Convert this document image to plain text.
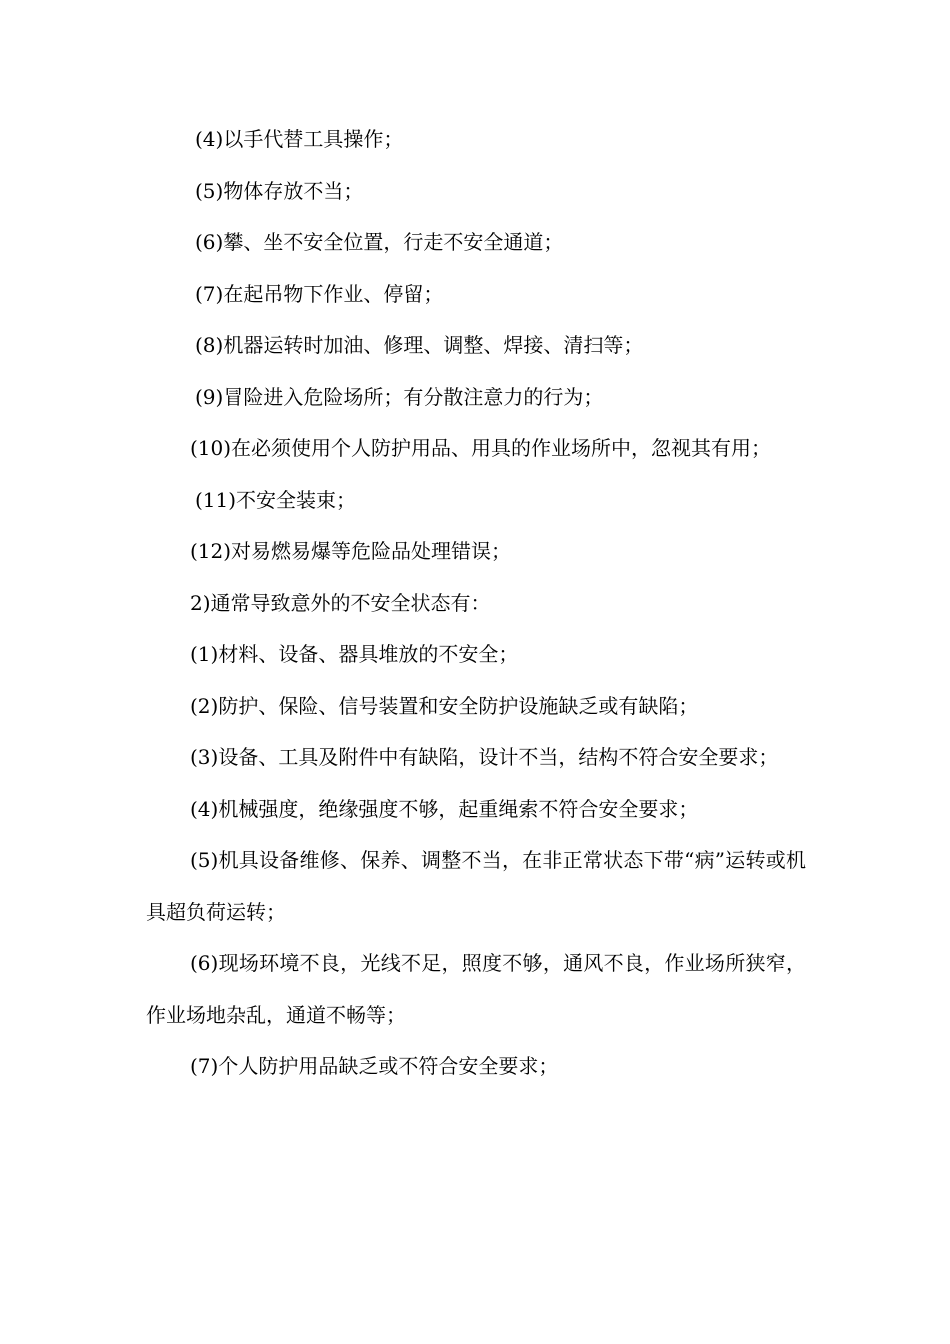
(4)以手代替工具操作；

(5)物体存放不当；

(6)攀、坐不安全位置，行走不安全通道；

(7)在起吊物下作业、停留；

(8)机器运转时加油、修理、调整、焊接、清扫等；

(9)冒险进入危险场所；有分散注意力的行为；

(10)在必须使用个人防护用品、用具的作业场所中，忽视其有用；

(11)不安全装束；

(12)对易燃易爆等危险品处理错误；

2)通常导致意外的不安全状态有：

(1)材料、设备、器具堆放的不安全；

(2)防护、保险、信号装置和安全防护设施缺乏或有缺陷；

(3)设备、工具及附件中有缺陷，设计不当，结构不符合安全要求；

(4)机械强度，绝缘强度不够，起重绳索不符合安全要求；

(5)机具设备维修、保养、调整不当，在非正常状态下带“病”运转或机具超负荷运转；

(6)现场环境不良，光线不足，照度不够，通风不良，作业场所狭窄，作业场地杂乱，通道不畅等；

(7)个人防护用品缺乏或不符合安全要求；
